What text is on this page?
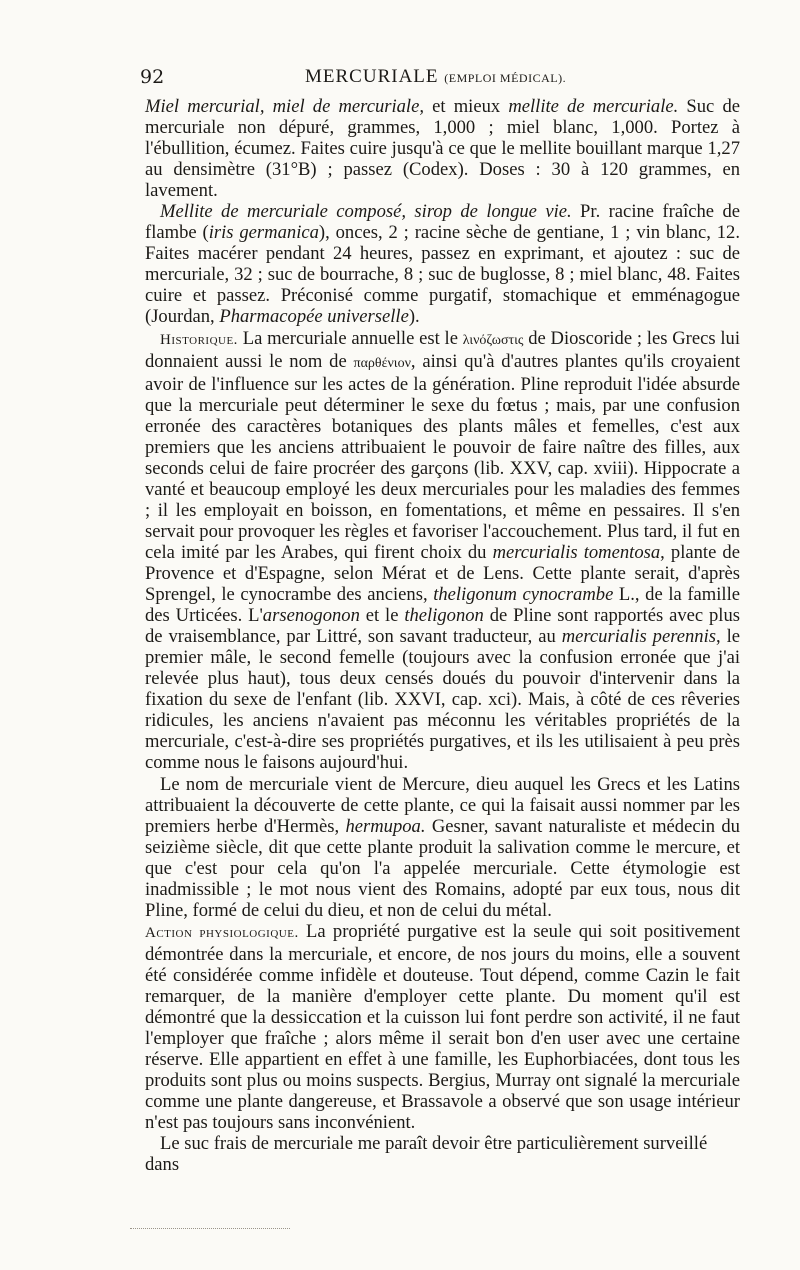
92	MERCURIALE (EMPLOI MÉDICAL).

Miel mercurial, miel de mercuriale, et mieux mellite de mercuriale. Suc de mercuriale non dépuré, grammes, 1,000 ; miel blanc, 1,000. Portez à l'ébullition, écumez. Faites cuire jusqu'à ce que le mellite bouillant marque 1,27 au densimètre (31°B) ; passez (Codex). Doses : 30 à 120 grammes, en lavement.

Mellite de mercuriale composé, sirop de longue vie. Pr. racine fraîche de flambe (iris germanica), onces, 2 ; racine sèche de gentiane, 1 ; vin blanc, 12. Faites macérer pendant 24 heures, passez en exprimant, et ajoutez : suc de mercuriale, 32 ; suc de bourrache, 8 ; suc de buglosse, 8 ; miel blanc, 48. Faites cuire et passez. Préconisé comme purgatif, stomachique et emménagogue (Jourdan, Pharmacopée universelle).

Historique. La mercuriale annuelle est le λινόζωστις de Dioscoride ; les Grecs lui donnaient aussi le nom de παρθένιον, ainsi qu'à d'autres plantes qu'ils croyaient avoir de l'influence sur les actes de la génération. Pline reproduit l'idée absurde que la mercuriale peut déterminer le sexe du fœtus ; mais, par une confusion erronée des caractères botaniques des plants mâles et femelles, c'est aux premiers que les anciens attribuaient le pouvoir de faire naître des filles, aux seconds celui de faire procréer des garçons (lib. XXV, cap. xviii). Hippocrate a vanté et beaucoup employé les deux mercuriales pour les maladies des femmes ; il les employait en boisson, en fomentations, et même en pessaires. Il s'en servait pour provoquer les règles et favoriser l'accouchement. Plus tard, il fut en cela imité par les Arabes, qui firent choix du mercurialis tomentosa, plante de Provence et d'Espagne, selon Mérat et de Lens. Cette plante serait, d'après Sprengel, le cynocrambe des anciens, theligonum cynocrambe L., de la famille des Urticées. L'arsenogonon et le theligonon de Pline sont rapportés avec plus de vraisemblance, par Littré, son savant traducteur, au mercurialis perennis, le premier mâle, le second femelle (toujours avec la confusion erronée que j'ai relevée plus haut), tous deux censés doués du pouvoir d'intervenir dans la fixation du sexe de l'enfant (lib. XXVI, cap. xci). Mais, à côté de ces rêveries ridicules, les anciens n'avaient pas méconnu les véritables propriétés de la mercuriale, c'est-à-dire ses propriétés purgatives, et ils les utilisaient à peu près comme nous le faisons aujourd'hui.

Le nom de mercuriale vient de Mercure, dieu auquel les Grecs et les Latins attribuaient la découverte de cette plante, ce qui la faisait aussi nommer par les premiers herbe d'Hermès, hermupoa. Gesner, savant naturaliste et médecin du seizième siècle, dit que cette plante produit la salivation comme le mercure, et que c'est pour cela qu'on l'a appelée mercuriale. Cette étymologie est inadmissible ; le mot nous vient des Romains, adopté par eux tous, nous dit Pline, formé de celui du dieu, et non de celui du métal.

Action physiologique. La propriété purgative est la seule qui soit positivement démontrée dans la mercuriale, et encore, de nos jours du moins, elle a souvent été considérée comme infidèle et douteuse. Tout dépend, comme Cazin le fait remarquer, de la manière d'employer cette plante. Du moment qu'il est démontré que la dessiccation et la cuisson lui font perdre son activité, il ne faut l'employer que fraîche ; alors même il serait bon d'en user avec une certaine réserve. Elle appartient en effet à une famille, les Euphorbiacées, dont tous les produits sont plus ou moins suspects. Bergius, Murray ont signalé la mercuriale comme une plante dangereuse, et Brassavole a observé que son usage intérieur n'est pas toujours sans inconvénient.

Le suc frais de mercuriale me paraît devoir être particulièrement surveillé dans
